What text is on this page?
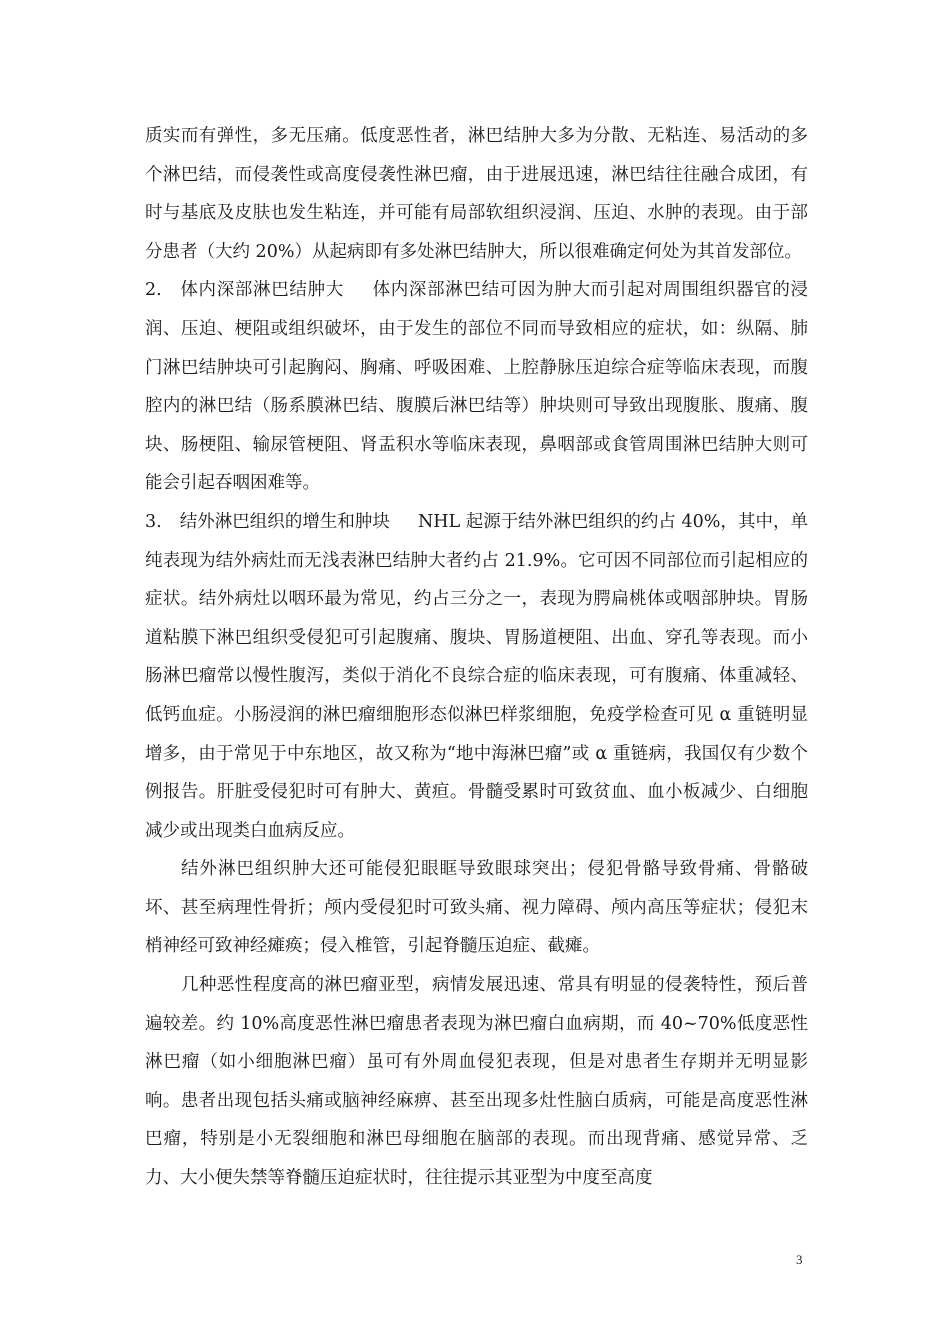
质实而有弹性，多无压痛。低度恶性者，淋巴结肿大多为分散、无粘连、易活动的多个淋巴结，而侵袭性或高度侵袭性淋巴瘤，由于进展迅速，淋巴结往往融合成团，有时与基底及皮肤也发生粘连，并可能有局部软组织浸润、压迫、水肿的表现。由于部分患者（大约 20%）从起病即有多处淋巴结肿大，所以很难确定何处为其首发部位。

2. 体内深部淋巴结肿大 体内深部淋巴结可因为肿大而引起对周围组织器官的浸润、压迫、梗阻或组织破坏，由于发生的部位不同而导致相应的症状，如：纵隔、肺门淋巴结肿块可引起胸闷、胸痛、呼吸困难、上腔静脉压迫综合症等临床表现，而腹腔内的淋巴结（肠系膜淋巴结、腹膜后淋巴结等）肿块则可导致出现腹胀、腹痛、腹块、肠梗阻、输尿管梗阻、肾盂积水等临床表现，鼻咽部或食管周围淋巴结肿大则可能会引起吞咽困难等。

3. 结外淋巴组织的增生和肿块 NHL 起源于结外淋巴组织的约占 40%，其中，单纯表现为结外病灶而无浅表淋巴结肿大者约占 21.9%。它可因不同部位而引起相应的症状。结外病灶以咽环最为常见，约占三分之一，表现为腭扁桃体或咽部肿块。胃肠道粘膜下淋巴组织受侵犯可引起腹痛、腹块、胃肠道梗阻、出血、穿孔等表现。而小肠淋巴瘤常以慢性腹泻，类似于消化不良综合症的临床表现，可有腹痛、体重减轻、低钙血症。小肠浸润的淋巴瘤细胞形态似淋巴样浆细胞，免疫学检查可见 α 重链明显增多，由于常见于中东地区，故又称为“地中海淋巴瘤”或 α 重链病，我国仅有少数个例报告。肝脏受侵犯时可有肿大、黄疸。骨髓受累时可致贫血、血小板减少、白细胞减少或出现类白血病反应。

结外淋巴组织肿大还可能侵犯眼眶导致眼球突出；侵犯骨骼导致骨痛、骨骼破坏、甚至病理性骨折；颅内受侵犯时可致头痛、视力障碍、颅内高压等症状；侵犯末梢神经可致神经瘫痪；侵入椎管，引起脊髓压迫症、截瘫。

几种恶性程度高的淋巴瘤亚型，病情发展迅速、常具有明显的侵袭特性，预后普遍较差。约 10%高度恶性淋巴瘤患者表现为淋巴瘤白血病期，而 40~70%低度恶性淋巴瘤（如小细胞淋巴瘤）虽可有外周血侵犯表现，但是对患者生存期并无明显影响。患者出现包括头痛或脑神经麻痹、甚至出现多灶性脑白质病，可能是高度恶性淋巴瘤，特别是小无裂细胞和淋巴母细胞在脑部的表现。而出现背痛、感觉异常、乏力、大小便失禁等脊髓压迫症状时，往往提示其亚型为中度至高度

3
